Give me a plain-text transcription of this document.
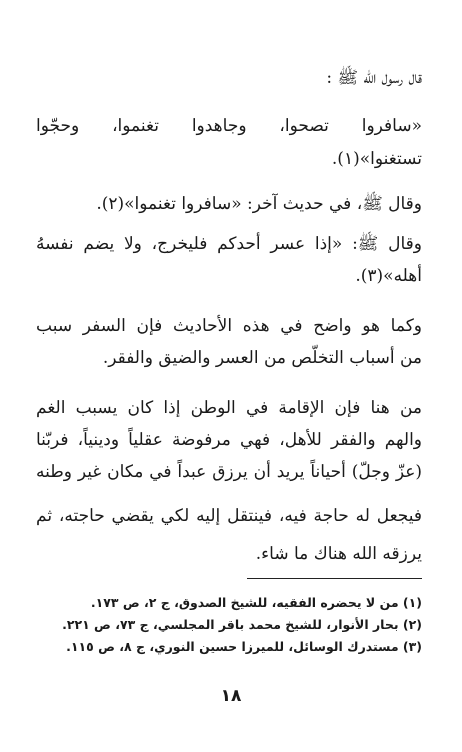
قال رسول الله ﷺ :
«سافروا تصحوا، وجاهدوا تغنموا، وحجّوا
تستغنوا»(١).
وقال ﷺ، في حديث آخر: «سافروا تغنموا»(٢).
وقال ﷺ: «إذا عسر أحدكم فليخرج، ولا يضم نفسهُ
أهله»(٣).
وكما هو واضح في هذه الأحاديث فإن السفر سبب
من أسباب التخلّص من العسر والضيق والفقر.
من هنا فإن الإقامة في الوطن إذا كان يسبب الغم
والهم والفقر للأهل، فهي مرفوضة عقلياً ودينياً، فربّنا
(عزّ وجلّ) أحياناً يريد أن يرزق عبداً في مكان غير وطنه
فيجعل له حاجة فيه، فينتقل إليه لكي يقضي حاجته، ثم
يرزقه الله هناك ما شاء.
(١) من لا يحضره الفقيه، للشيخ الصدوق، ج ٢، ص ١٧٣.
(٢) بحار الأنوار، للشيخ محمد باقر المجلسي، ج ٧٣، ص ٢٢١.
(٣) مستدرك الوسائل، للميرزا حسين النوري، ج ٨، ص ١١٥.
١٨
